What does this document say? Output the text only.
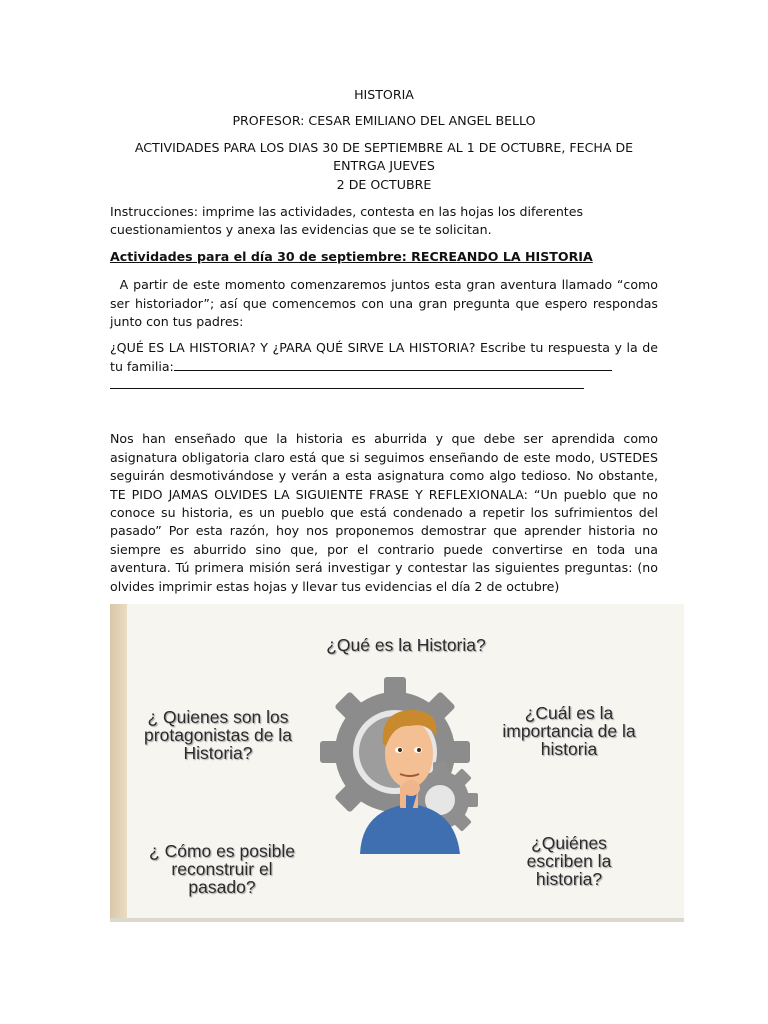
HISTORIA

PROFESOR: CESAR EMILIANO DEL ANGEL BELLO

ACTIVIDADES PARA LOS DIAS 30 DE SEPTIEMBRE AL 1 DE OCTUBRE, FECHA DE ENTRGA JUEVES
2 DE OCTUBRE

Instrucciones: imprime las actividades, contesta en las hojas los diferentes cuestionamientos y anexa las evidencias que se te solicitan.

Actividades para el día 30 de septiembre: RECREANDO LA HISTORIA

A partir de este momento comenzaremos juntos esta gran aventura llamado “como ser historiador”; así que comencemos con una gran pregunta que espero respondas junto con tus padres:

¿QUÉ ES LA HISTORIA? Y ¿PARA QUÉ SIRVE LA HISTORIA? Escribe tu respuesta y la de tu familia:

Nos han enseñado que la historia es aburrida y que debe ser aprendida como asignatura obligatoria claro está que si seguimos enseñando de este modo, USTEDES seguirán desmotivándose y verán a esta asignatura como algo tedioso. No obstante, TE PIDO JAMAS OLVIDES LA SIGUIENTE FRASE Y REFLEXIONALA: “Un pueblo que no conoce su historia, es un pueblo que está condenado a repetir los sufrimientos del pasado” Por esta razón, hoy nos proponemos demostrar que aprender historia no siempre es aburrido sino que, por el contrario puede convertirse en toda una aventura. Tú primera misión será investigar y contestar las siguientes preguntas: (no olvides imprimir estas hojas y llevar tus evidencias el día 2 de octubre)

¿Qué es la Historia?
¿ Quienes son los
protagonistas de la
Historia?
¿Cuál es la
importancia de la
historia
¿ Cómo es posible
reconstruir el
pasado?
¿Quiénes
escriben la
historia?
